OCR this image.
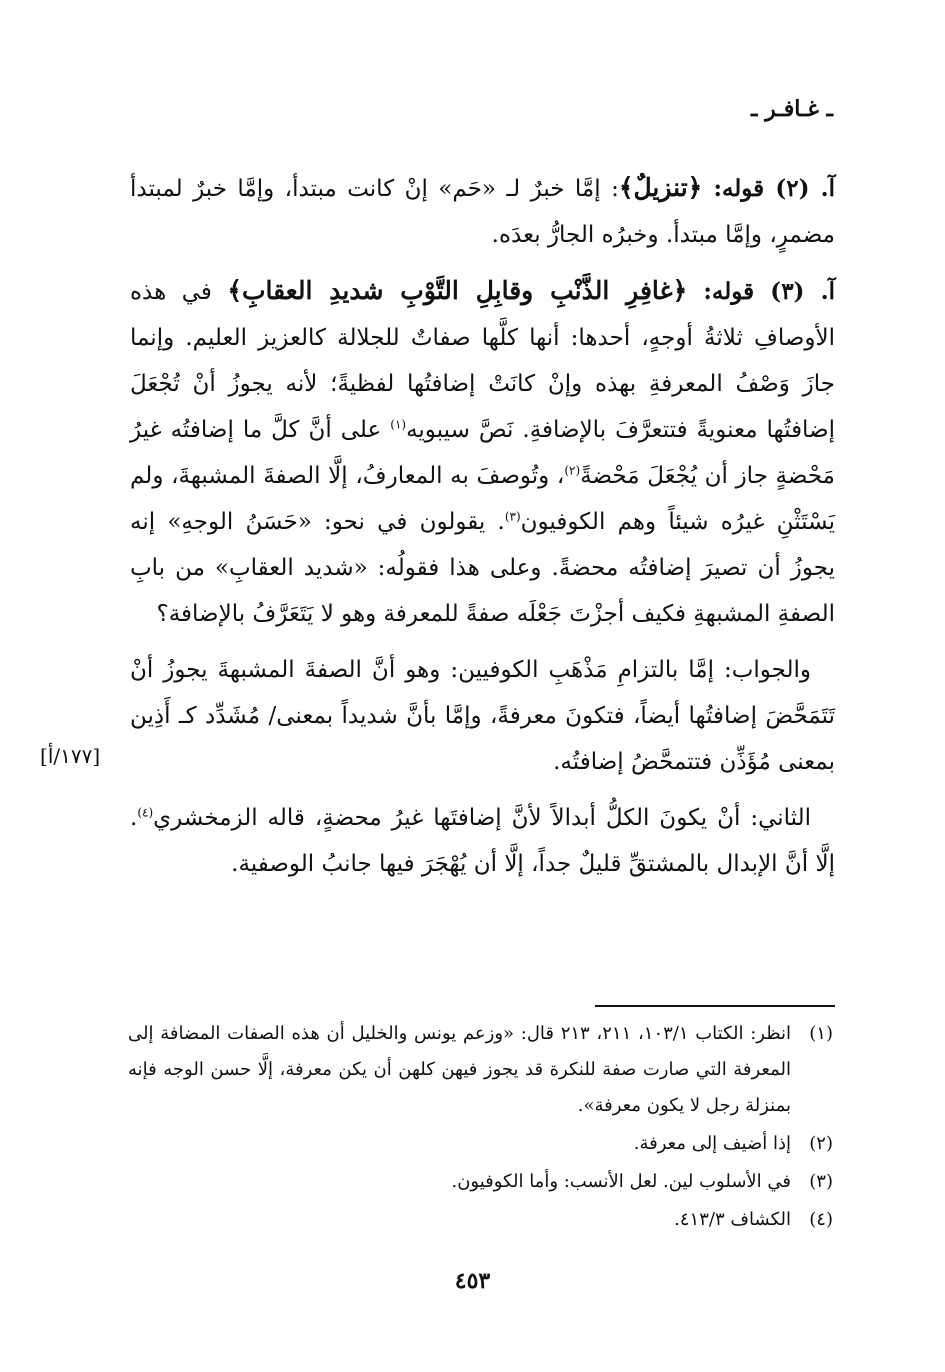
ـ غـافـر ـ

آ. (٢) قوله: ﴿تنزيلٌ﴾: إمَّا خبرٌ لـ «حَم» إنْ كانت مبتدأ، وإمَّا خبرٌ لمبتدأ مضمرٍ، وإمَّا مبتدأ. وخبرُه الجارُّ بعدَه.

آ. (٣) قوله: ﴿غافِرِ الذَّنْبِ وقابِلِ التَّوْبِ شديدِ العقابِ﴾ في هذه الأوصافِ ثلاثةُ أوجهٍ، أحدها: أنها كلَّها صفاتٌ للجلالة كالعزيز العليم. وإنما جازَ وَصْفُ المعرفةِ بهذه وإنْ كانَتْ إضافتُها لفظيةً؛ لأنه يجوزُ أنْ تُجْعَلَ إضافتُها معنويةً فتتعرَّفَ بالإضافةِ. نَصَّ سيبويه$^{(١)}$ على أنَّ كلَّ ما إضافتُه غيرُ مَحْضةٍ جاز أن يُجْعَلَ مَحْضةً$^{(٢)}$، وتُوصفَ به المعارفُ، إلَّا الصفةَ المشبهةَ، ولم يَسْتَثْنِ غيرُه شيئاً وهم الكوفيون$^{(٣)}$. يقولون في نحو: «حَسَنُ الوجهِ» إنه يجوزُ أن تصيرَ إضافتُه محضةً. وعلى هذا فقولُه: «شديد العقابِ» من بابِ الصفةِ المشبهةِ فكيف أجزْتَ جَعْلَه صفةً للمعرفة وهو لا يَتَعَرَّفُ بالإضافة؟

والجواب: إمَّا بالتزامِ مَذْهَبِ الكوفيين: وهو أنَّ الصفةَ المشبهةَ يجوزُ أنْ تَتَمَحَّضَ إضافتُها أيضاً، فتكونَ معرفةً، وإمَّا بأنَّ شديداً بمعنى/ مُشَدِّد كـ أَذِين بمعنى مُؤَذِّن فتتمحَّضُ إضافتُه.

الثاني: أنْ يكونَ الكلُّ أبدالاً لأنَّ إضافتَها غيرُ محضةٍ، قاله الزمخشري$^{(٤)}$. إلَّا أنَّ الإبدال بالمشتقِّ قليلٌ جداً، إلَّا أن يُهْجَرَ فيها جانبُ الوصفية.

[١٧٧/أ]
(١)
انظر: الكتاب ١٠٣/١، ٢١١، ٢١٣ قال: «وزعم يونس والخليل أن هذه الصفات المضافة إلى المعرفة التي صارت صفة للنكرة قد يجوز فيهن كلهن أن يكن معرفة، إلَّا حسن الوجه فإنه بمنزلة رجل لا يكون معرفة».
(٢)
إذا أضيف إلى معرفة.
(٣)
في الأسلوب لين. لعل الأنسب: وأما الكوفيون.
(٤)
الكشاف ٤١٣/٣.
٤٥٣
